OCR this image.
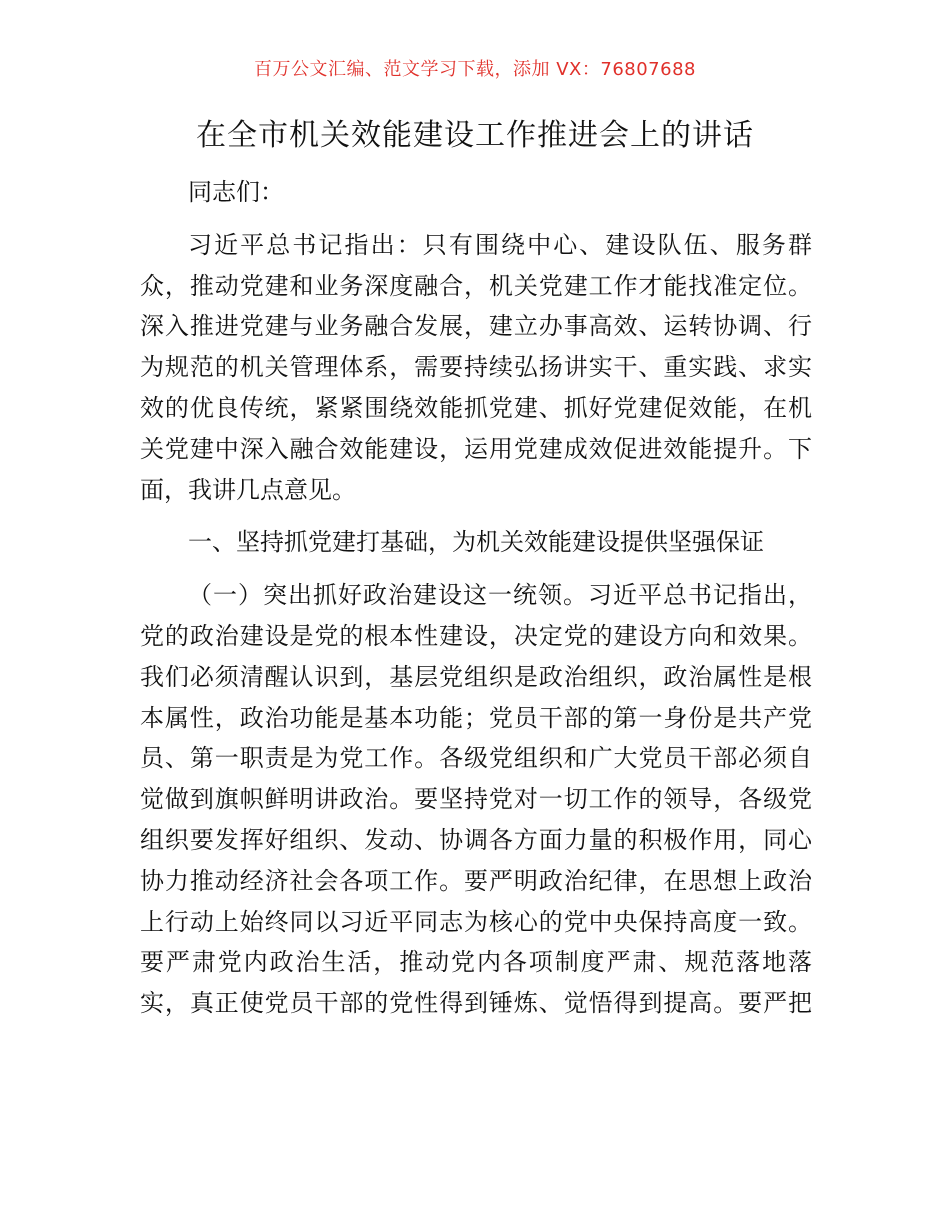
百万公文汇编、范文学习下载，添加 VX：76807688
在全市机关效能建设工作推进会上的讲话
同志们：
习近平总书记指出：只有围绕中心、建设队伍、服务群
众，推动党建和业务深度融合，机关党建工作才能找准定位。
深入推进党建与业务融合发展，建立办事高效、运转协调、行
为规范的机关管理体系，需要持续弘扬讲实干、重实践、求实
效的优良传统，紧紧围绕效能抓党建、抓好党建促效能，在机
关党建中深入融合效能建设，运用党建成效促进效能提升。下
面，我讲几点意见。
一、坚持抓党建打基础，为机关效能建设提供坚强保证
（一）突出抓好政治建设这一统领。习近平总书记指出，
党的政治建设是党的根本性建设，决定党的建设方向和效果。
我们必须清醒认识到，基层党组织是政治组织，政治属性是根
本属性，政治功能是基本功能；党员干部的第一身份是共产党
员、第一职责是为党工作。各级党组织和广大党员干部必须自
觉做到旗帜鲜明讲政治。要坚持党对一切工作的领导，各级党
组织要发挥好组织、发动、协调各方面力量的积极作用，同心
协力推动经济社会各项工作。要严明政治纪律，在思想上政治
上行动上始终同以习近平同志为核心的党中央保持高度一致。
要严肃党内政治生活，推动党内各项制度严肃、规范落地落
实，真正使党员干部的党性得到锤炼、觉悟得到提高。要严把
